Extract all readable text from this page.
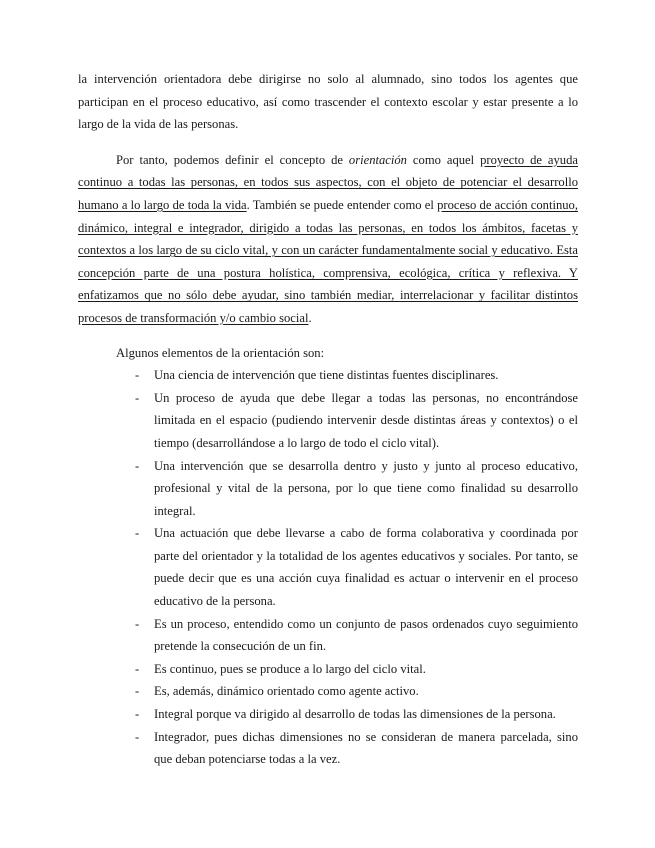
la intervención orientadora debe dirigirse no solo al alumnado, sino todos los agentes que participan en el proceso educativo, así como trascender el contexto escolar y estar presente a lo largo de la vida de las personas.

Por tanto, podemos definir el concepto de orientación como aquel proyecto de ayuda continuo a todas las personas, en todos sus aspectos, con el objeto de potenciar el desarrollo humano a lo largo de toda la vida. También se puede entender como el proceso de acción continuo, dinámico, integral e integrador, dirigido a todas las personas, en todos los ámbitos, facetas y contextos a los largo de su ciclo vital, y con un carácter fundamentalmente social y educativo. Esta concepción parte de una postura holística, comprensiva, ecológica, crítica y reflexiva. Y enfatizamos que no sólo debe ayudar, sino también mediar, interrelacionar y facilitar distintos procesos de transformación y/o cambio social.

Algunos elementos de la orientación son:

- Una ciencia de intervención que tiene distintas fuentes disciplinares.
- Un proceso de ayuda que debe llegar a todas las personas, no encontrándose limitada en el espacio (pudiendo intervenir desde distintas áreas y contextos) o el tiempo (desarrollándose a lo largo de todo el ciclo vital).
- Una intervención que se desarrolla dentro y justo y junto al proceso educativo, profesional y vital de la persona, por lo que tiene como finalidad su desarrollo integral.
- Una actuación que debe llevarse a cabo de forma colaborativa y coordinada por parte del orientador y la totalidad de los agentes educativos y sociales. Por tanto, se puede decir que es una acción cuya finalidad es actuar o intervenir en el proceso educativo de la persona.
- Es un proceso, entendido como un conjunto de pasos ordenados cuyo seguimiento pretende la consecución de un fin.
- Es continuo, pues se produce a lo largo del ciclo vital.
- Es, además, dinámico orientado como agente activo.
- Integral porque va dirigido al desarrollo de todas las dimensiones de la persona.
- Integrador, pues dichas dimensiones no se consideran de manera parcelada, sino que deban potenciarse todas a la vez.
